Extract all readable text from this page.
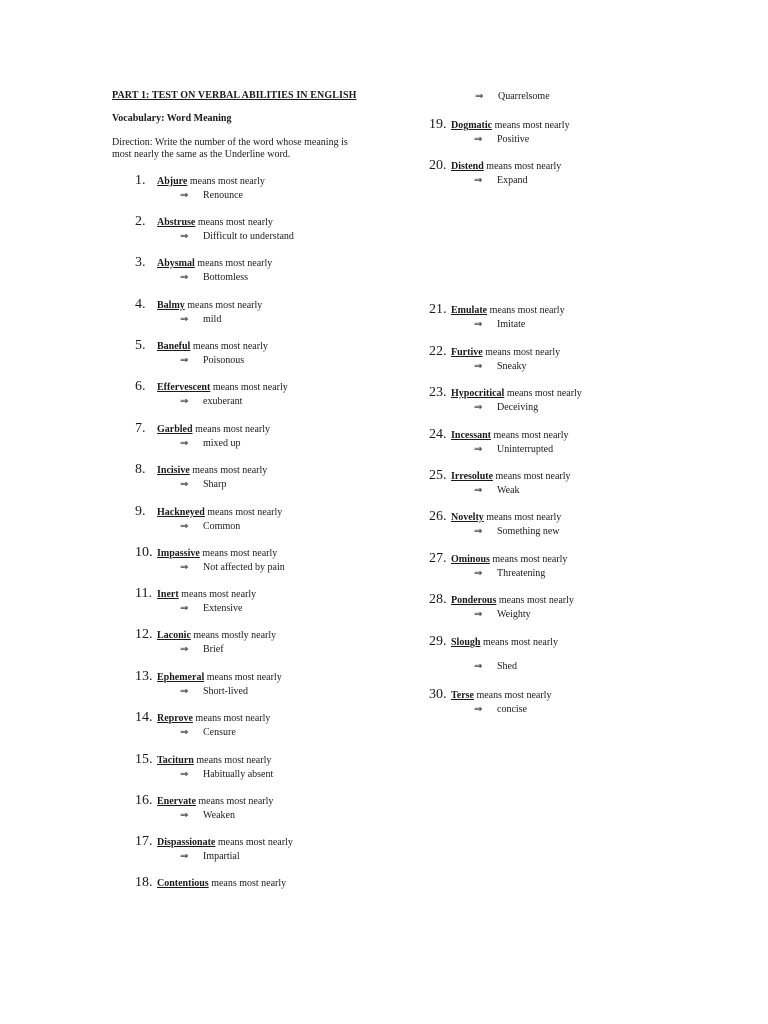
PART 1: TEST ON VERBAL ABILITIES IN ENGLISH
Vocabulary: Word Meaning
Direction: Write the number of the word whose meaning is most nearly the same as the Underline word.
⇒ Quarrelsome
1. Abjure means most nearly
⇒ Renounce
2. Abstruse means most nearly
⇒ Difficult to understand
3. Abysmal means most nearly
⇒ Bottomless
4. Balmy means most nearly
⇒ mild
5. Baneful means most nearly
⇒ Poisonous
6. Effervescent means most nearly
⇒ exuberant
7. Garbled means most nearly
⇒ mixed up
8. Incisive means most nearly
⇒ Sharp
9. Hackneyed means most nearly
⇒ Common
10. Impassive means most nearly
⇒ Not affected by pain
11. Inert means most nearly
⇒ Extensive
12. Laconic means mostly nearly
⇒ Brief
13. Ephemeral means most nearly
⇒ Short-lived
14. Reprove means most nearly
⇒ Censure
15. Taciturn means most nearly
⇒ Habitually absent
16. Enervate means most nearly
⇒ Weaken
17. Dispassionate means most nearly
⇒ Impartial
18. Contentious means most nearly
19. Dogmatic means most nearly
⇒ Positive
20. Distend means most nearly
⇒ Expand
21. Emulate means most nearly
⇒ Imitate
22. Furtive means most nearly
⇒ Sneaky
23. Hypocritical means most nearly
⇒ Deceiving
24. Incessant means most nearly
⇒ Uninterrupted
25. Irresolute means most nearly
⇒ Weak
26. Novelty means most nearly
⇒ Something new
27. Ominous means most nearly
⇒ Threatening
28. Ponderous means most nearly
⇒ Weighty
29. Slough means most nearly
⇒ Shed
30. Terse means most nearly
⇒ concise
